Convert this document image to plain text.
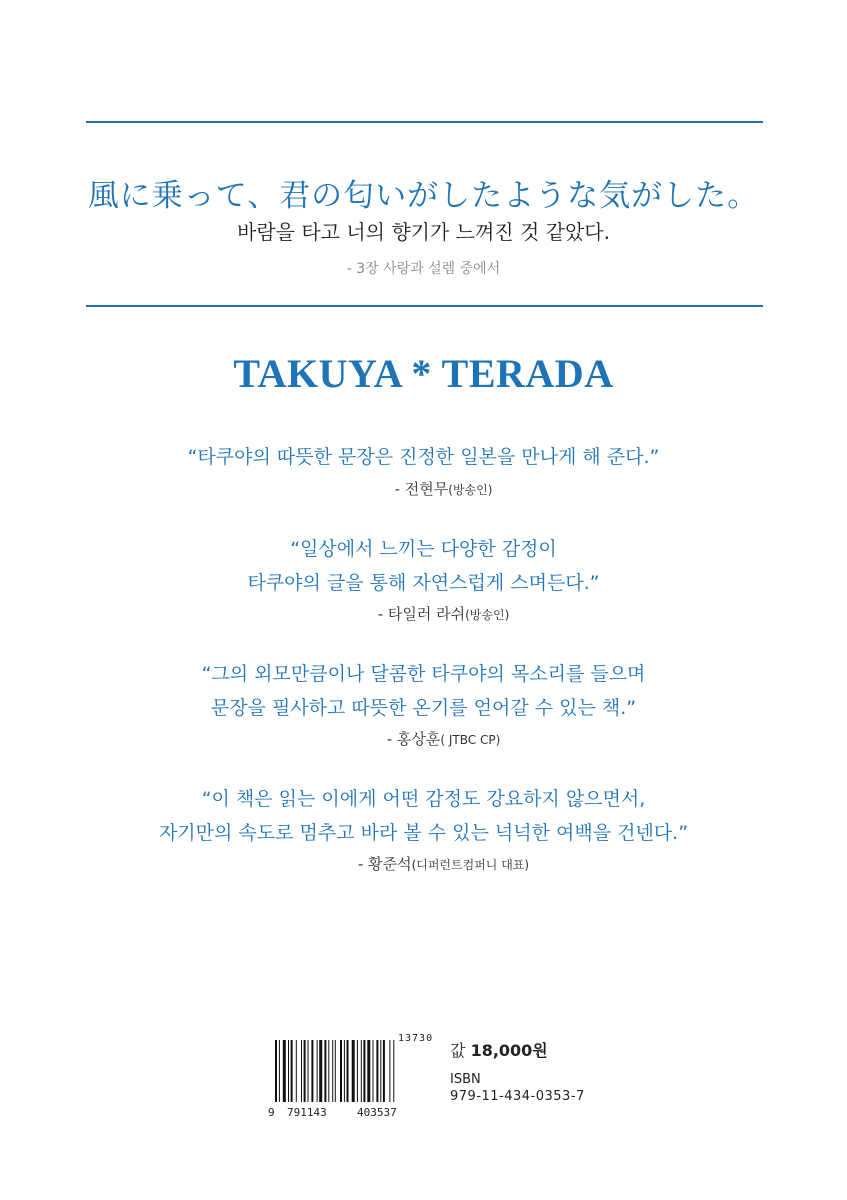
風に乗って、君の匂いがしたような気がした。
바람을 타고 너의 향기가 느껴진 것 같았다.
- 3장 사랑과 설렘 중에서
TAKUYA * TERADA
“타쿠야의 따뜻한 문장은 진정한 일본을 만나게 해 준다.”
- 전현무(방송인)
“일상에서 느끼는 다양한 감정이
타쿠야의 글을 통해 자연스럽게 스며든다.”
- 타일러 라쉬(방송인)
“그의 외모만큼이나 달콤한 타쿠야의 목소리를 들으며
문장을 필사하고 따뜻한 온기를 얻어갈 수 있는 책.”
- 홍상훈( JTBC CP)
“이 책은 읽는 이에게 어떤 감정도 강요하지 않으면서,
자기만의 속도로 멈추고 바라 볼 수 있는 넉넉한 여백을 건넨다.”
- 황준석(디퍼런트컴퍼니 대표)
13730
9 791143	403537
값 18,000원
ISBN
979-11-434-0353-7
